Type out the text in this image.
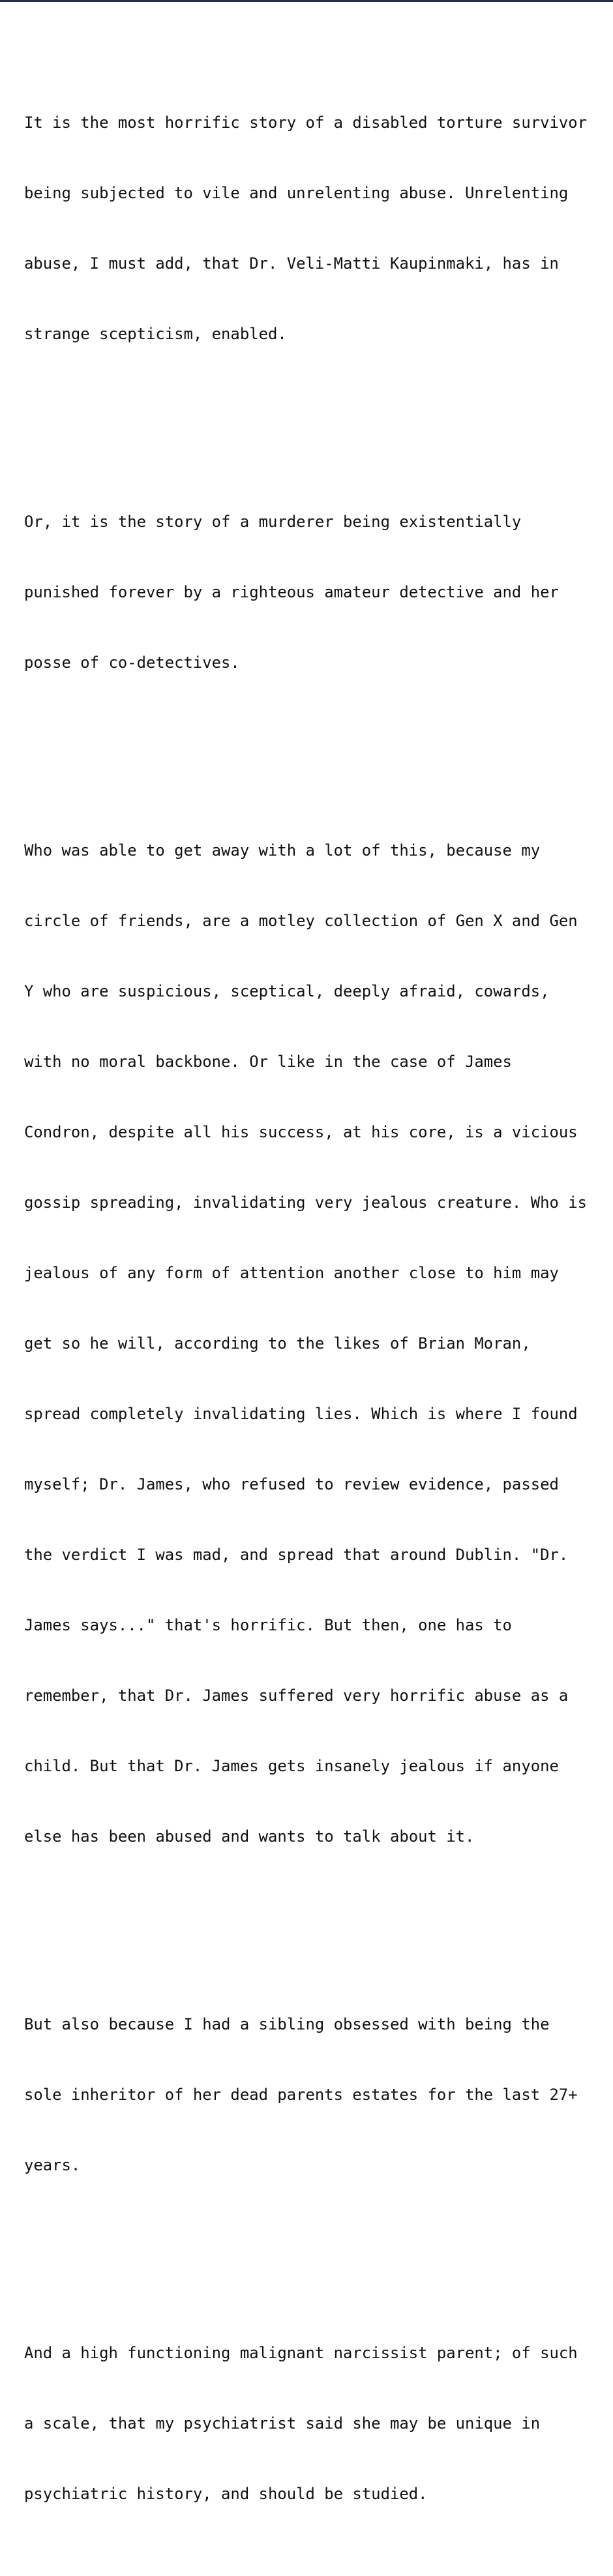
It is the most horrific story of a disabled torture survivor

being subjected to vile and unrelenting abuse. Unrelenting

abuse, I must add, that Dr. Veli-Matti Kaupinmaki, has in

strange scepticism, enabled.

Or, it is the story of a murderer being existentially

punished forever by a righteous amateur detective and her

posse of co-detectives.

Who was able to get away with a lot of this, because my

circle of friends, are a motley collection of Gen X and Gen

Y who are suspicious, sceptical, deeply afraid, cowards,

with no moral backbone. Or like in the case of James

Condron, despite all his success, at his core, is a vicious

gossip spreading, invalidating very jealous creature. Who is

jealous of any form of attention another close to him may

get so he will, according to the likes of Brian Moran,

spread completely invalidating lies. Which is where I found

myself; Dr. James, who refused to review evidence, passed

the verdict I was mad, and spread that around Dublin. "Dr.

James says..." that's horrific. But then, one has to

remember, that Dr. James suffered very horrific abuse as a

child. But that Dr. James gets insanely jealous if anyone

else has been abused and wants to talk about it.

But also because I had a sibling obsessed with being the

sole inheritor of her dead parents estates for the last 27+

years.

And a high functioning malignant narcissist parent; of such

a scale, that my psychiatrist said she may be unique in

psychiatric history, and should be studied.
